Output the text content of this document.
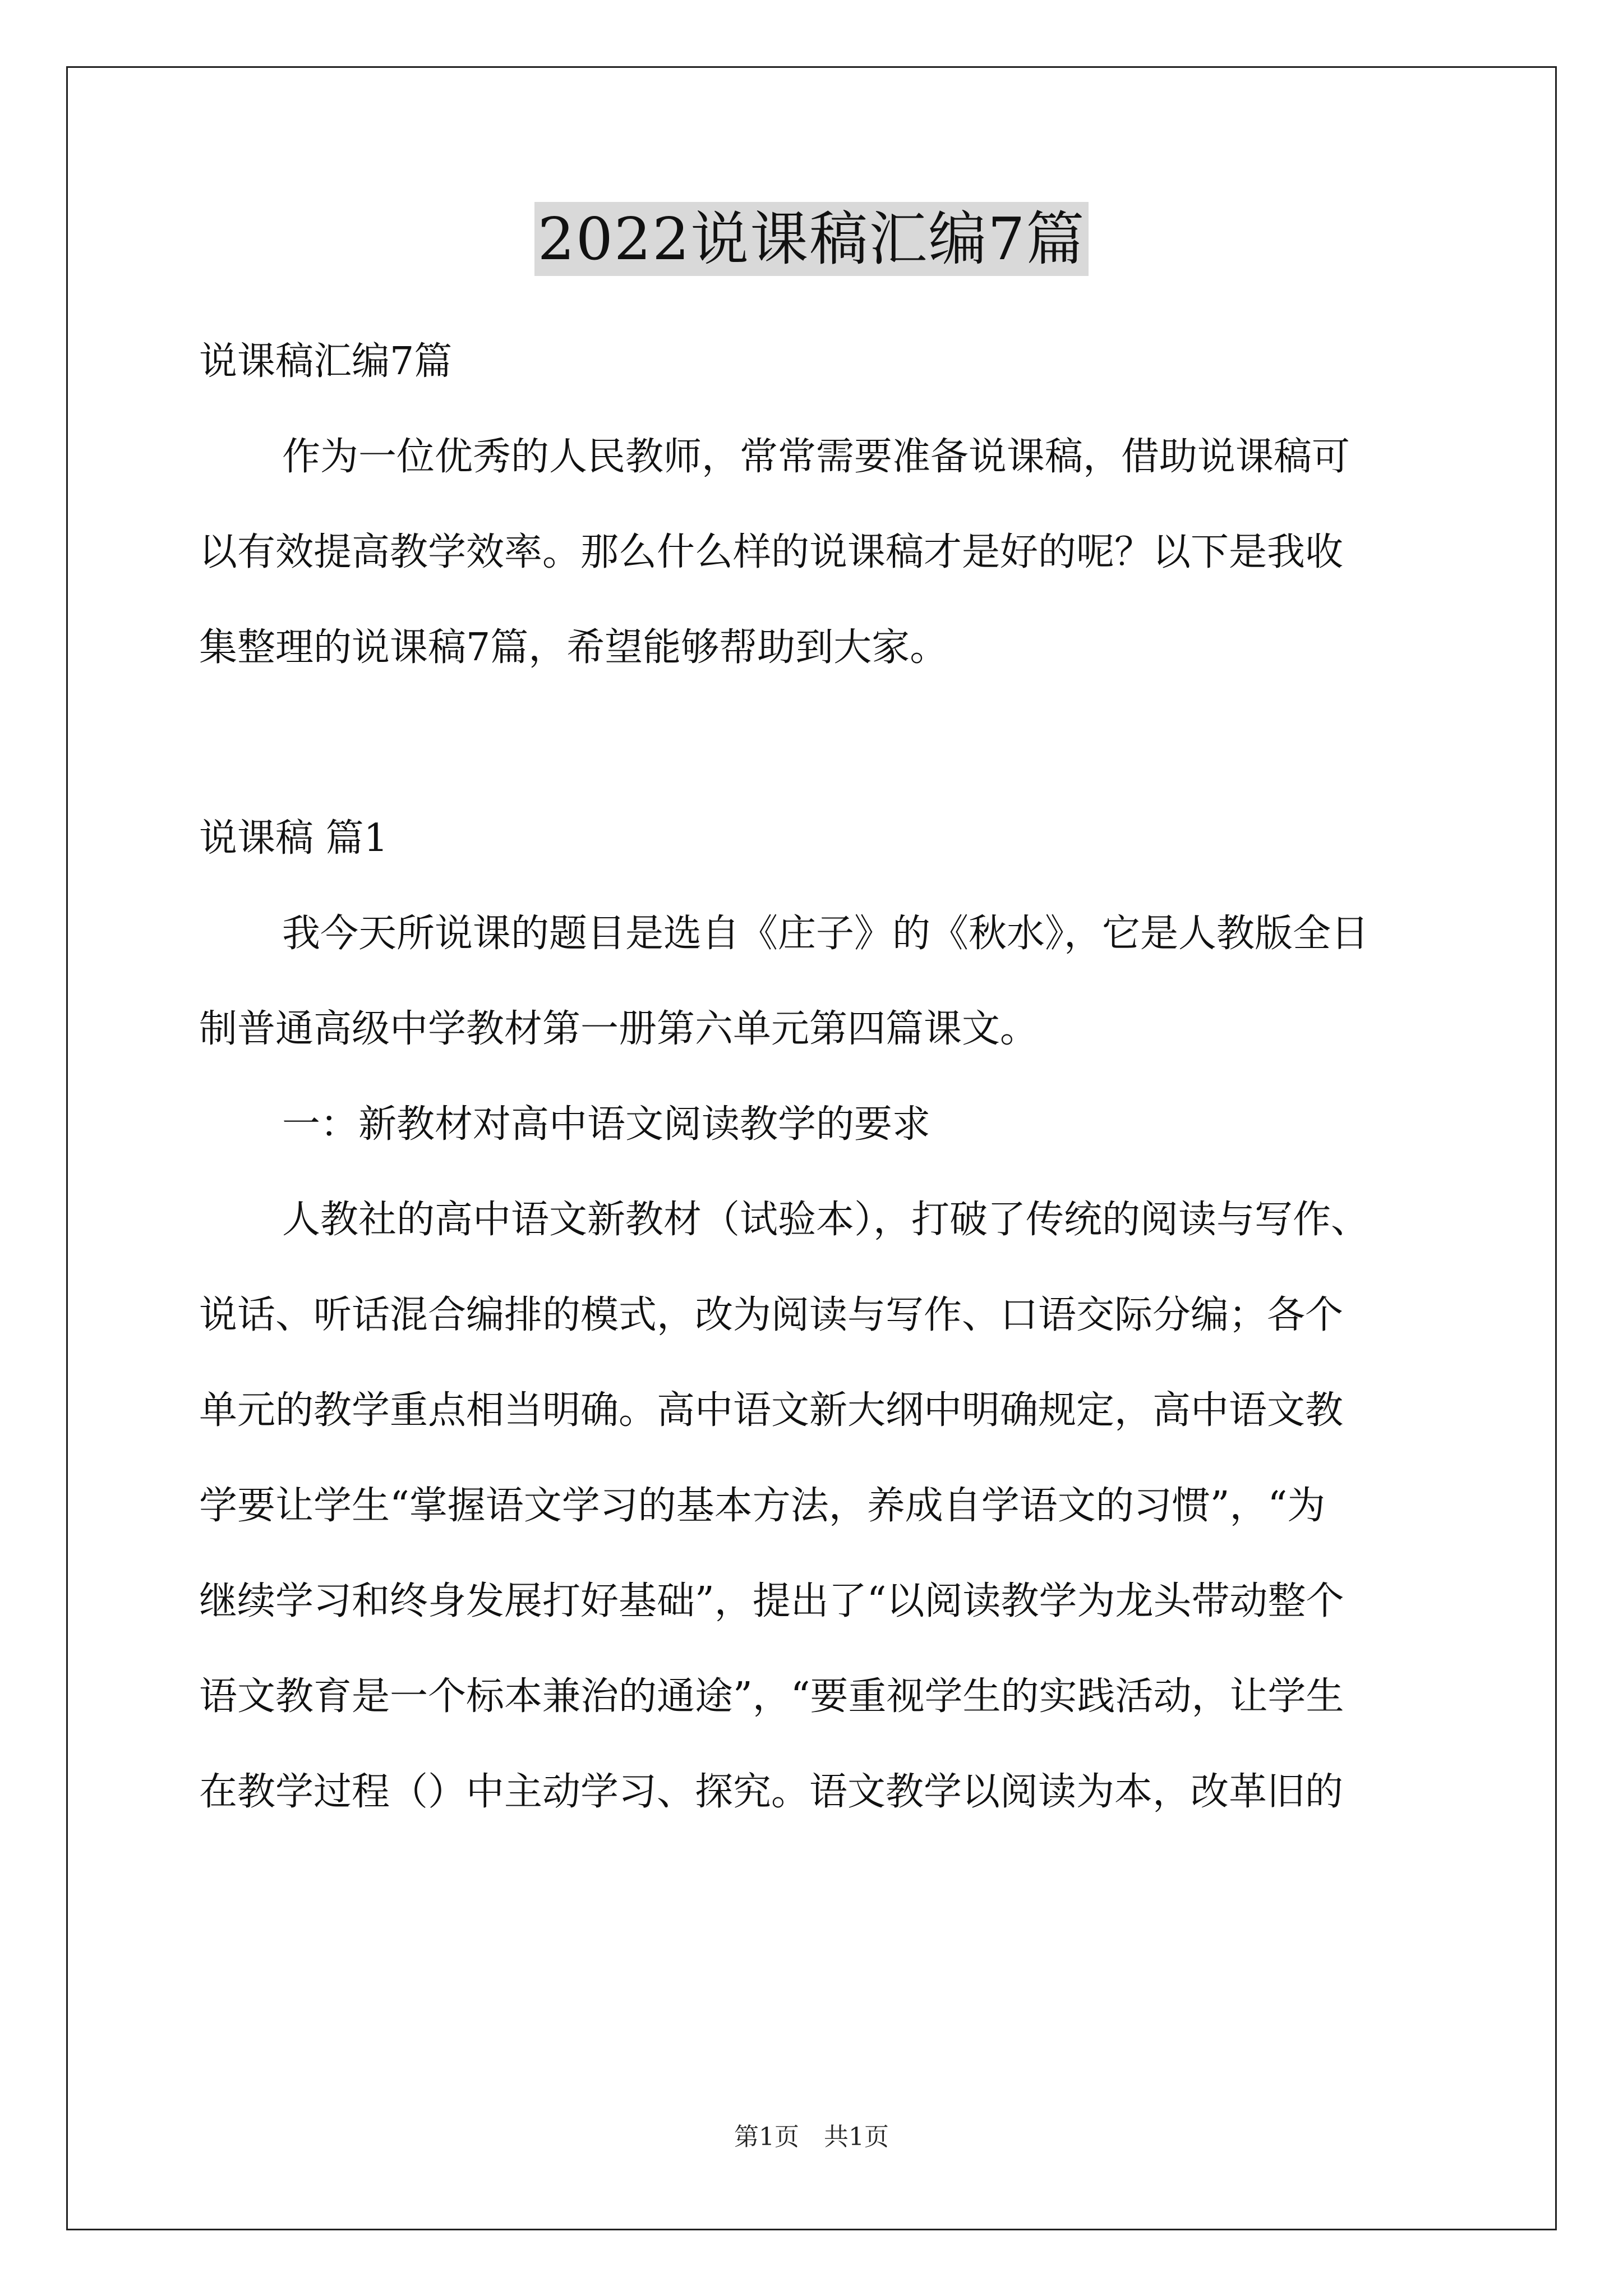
2022说课稿汇编7篇

说课稿汇编7篇

作为一位优秀的人民教师，常常需要准备说课稿，借助说课稿可

以有效提高教学效率。那么什么样的说课稿才是好的呢？以下是我收

集整理的说课稿7篇，希望能够帮助到大家。

说课稿 篇1

我今天所说课的题目是选自《庄子》的《秋水》，它是人教版全日

制普通高级中学教材第一册第六单元第四篇课文。

一：新教材对高中语文阅读教学的要求

人教社的高中语文新教材（试验本），打破了传统的阅读与写作、

说话、听话混合编排的模式，改为阅读与写作、口语交际分编；各个

单元的教学重点相当明确。高中语文新大纲中明确规定，高中语文教

学要让学生“掌握语文学习的基本方法，养成自学语文的习惯”，“为

继续学习和终身发展打好基础”，提出了“以阅读教学为龙头带动整个

语文教育是一个标本兼治的通途”，“要重视学生的实践活动，让学生

在教学过程（）中主动学习、探究。语文教学以阅读为本，改革旧的

第1页　共1页
